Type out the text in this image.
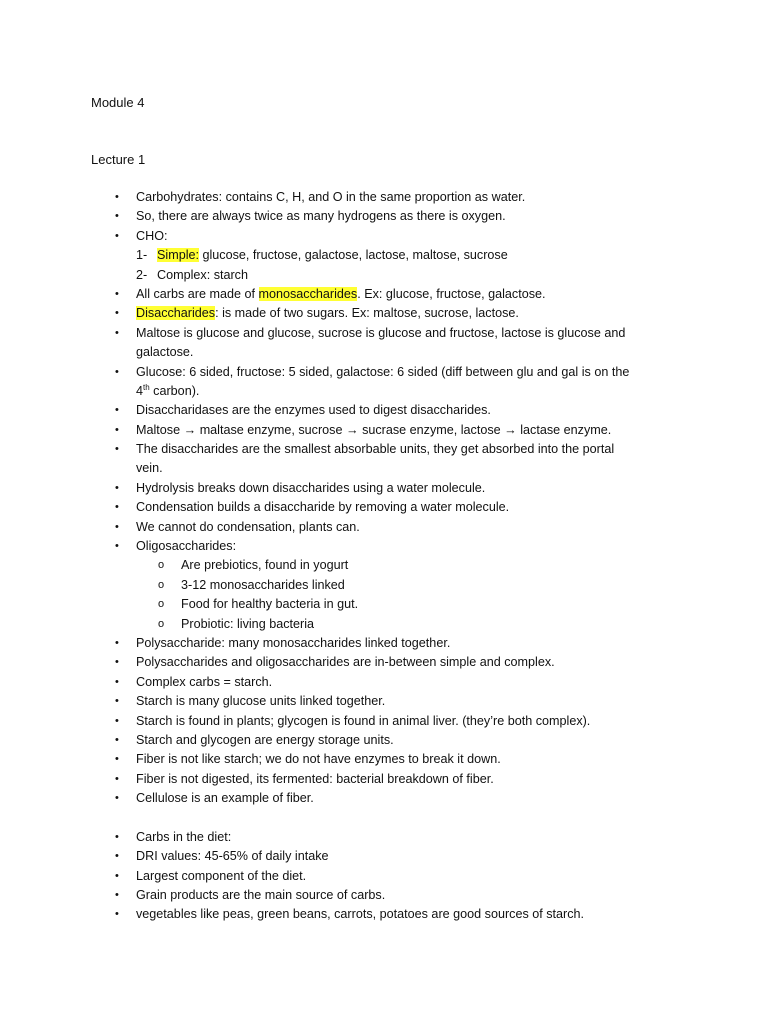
Module 4

Lecture 1

• Carbohydrates: contains C, H, and O in the same proportion as water.
• So, there are always twice as many hydrogens as there is oxygen.
• CHO:
1- Simple: glucose, fructose, galactose, lactose, maltose, sucrose
2- Complex: starch
• All carbs are made of monosaccharides. Ex: glucose, fructose, galactose.
• Disaccharides: is made of two sugars. Ex: maltose, sucrose, lactose.
• Maltose is glucose and glucose, sucrose is glucose and fructose, lactose is glucose and
galactose.
• Glucose: 6 sided, fructose: 5 sided, galactose: 6 sided (diff between glu and gal is on the
4th carbon).
• Disaccharidases are the enzymes used to digest disaccharides.
• Maltose → maltase enzyme, sucrose → sucrase enzyme, lactose → lactase enzyme.
• The disaccharides are the smallest absorbable units, they get absorbed into the portal
vein.
• Hydrolysis breaks down disaccharides using a water molecule.
• Condensation builds a disaccharide by removing a water molecule.
• We cannot do condensation, plants can.
• Oligosaccharides:
o Are prebiotics, found in yogurt
o 3-12 monosaccharides linked
o Food for healthy bacteria in gut.
o Probiotic: living bacteria
• Polysaccharide: many monosaccharides linked together.
• Polysaccharides and oligosaccharides are in-between simple and complex.
• Complex carbs = starch.
• Starch is many glucose units linked together.
• Starch is found in plants; glycogen is found in animal liver. (they’re both complex).
• Starch and glycogen are energy storage units.
• Fiber is not like starch; we do not have enzymes to break it down.
• Fiber is not digested, its fermented: bacterial breakdown of fiber.
• Cellulose is an example of fiber.
• Carbs in the diet:
• DRI values: 45-65% of daily intake
• Largest component of the diet.
• Grain products are the main source of carbs.
• vegetables like peas, green beans, carrots, potatoes are good sources of starch.
